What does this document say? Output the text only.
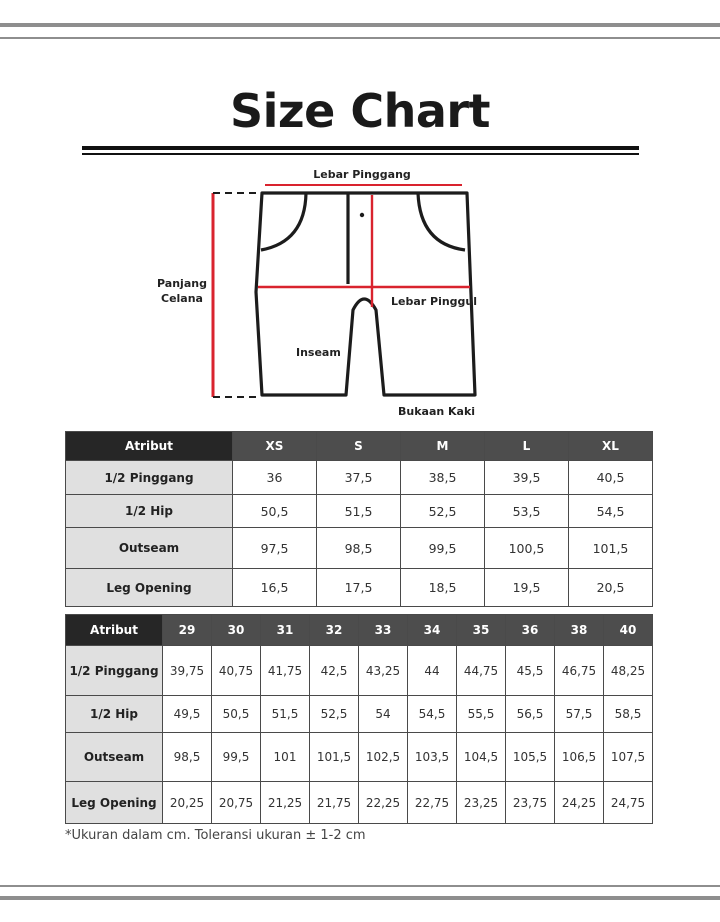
Size Chart
Lebar Pinggang
Panjang
Celana	Lebar Pinggul
Inseam
Bukaan Kaki
Atribut	XS	S	M	L	XL
1/2 Pinggang	36	37,5	38,5	39,5	40,5
1/2 Hip	50,5	51,5	52,5	53,5	54,5
Outseam	97,5	98,5	99,5	100,5	101,5
Leg Opening	16,5	17,5	18,5	19,5	20,5
Atribut	29	30	31	32	33	34	35	36	38	40
1/2 Pinggang	39,75	40,75	41,75	42,5	43,25	44	44,75	45,5	46,75	48,25
1/2 Hip	49,5	50,5	51,5	52,5	54	54,5	55,5	56,5	57,5	58,5
Outseam	98,5	99,5	101	101,5	102,5	103,5	104,5	105,5	106,5	107,5
Leg Opening	20,25	20,75	21,25	21,75	22,25	22,75	23,25	23,75	24,25	24,75
*Ukuran dalam cm. Toleransi ukuran ± 1-2 cm
